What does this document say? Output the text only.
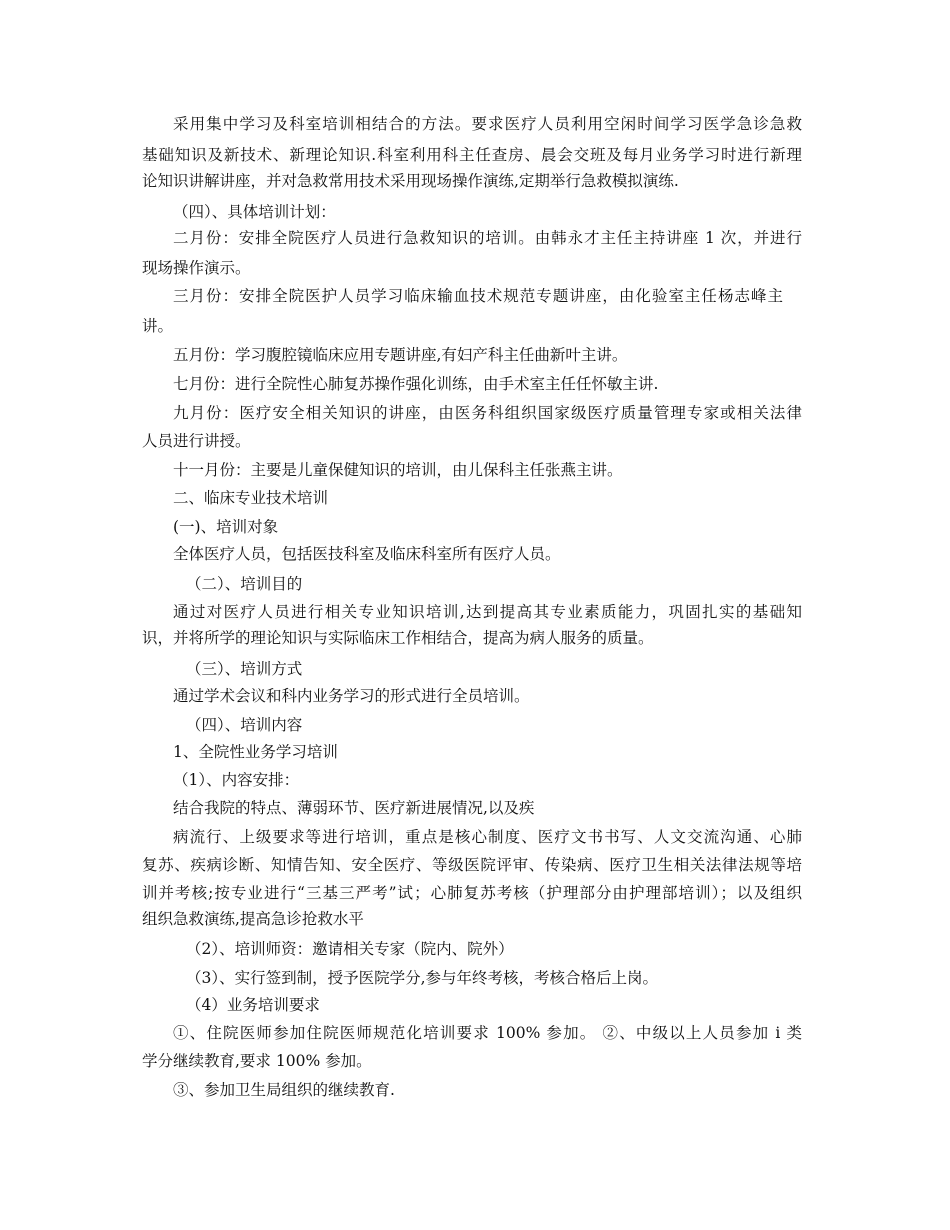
采用集中学习及科室培训相结合的方法。要求医疗人员利用空闲时间学习医学急诊急救
基础知识及新技术、新理论知识.科室利用科主任查房、晨会交班及每月业务学习时进行新理
论知识讲解讲座，并对急救常用技术采用现场操作演练,定期举行急救模拟演练.
（四）、具体培训计划：
二月份：安排全院医疗人员进行急救知识的培训。由韩永才主任主持讲座 1 次，并进行
现场操作演示。
三月份：安排全院医护人员学习临床输血技术规范专题讲座，由化验室主任杨志峰主
讲。
五月份：学习腹腔镜临床应用专题讲座,有妇产科主任曲新叶主讲。
七月份：进行全院性心肺复苏操作强化训练，由手术室主任任怀敏主讲.
九月份：医疗安全相关知识的讲座，由医务科组织国家级医疗质量管理专家或相关法律
人员进行讲授。
十一月份：主要是儿童保健知识的培训，由儿保科主任张燕主讲。
二、临床专业技术培训
(一)、培训对象
全体医疗人员，包括医技科室及临床科室所有医疗人员。
（二）、培训目的
通过对医疗人员进行相关专业知识培训,达到提高其专业素质能力，巩固扎实的基础知
识，并将所学的理论知识与实际临床工作相结合，提高为病人服务的质量。
（三）、培训方式
通过学术会议和科内业务学习的形式进行全员培训。
（四）、培训内容
1、全院性业务学习培训
（1）、内容安排：
结合我院的特点、薄弱环节、医疗新进展情况,以及疾
病流行、上级要求等进行培训，重点是核心制度、医疗文书书写、人文交流沟通、心肺
复苏、疾病诊断、知情告知、安全医疗、等级医院评审、传染病、医疗卫生相关法律法规等培
训并考核;按专业进行“三基三严考”试；心肺复苏考核（护理部分由护理部培训）；以及组织
组织急救演练,提高急诊抢救水平
（2）、培训师资：邀请相关专家（院内、院外）
（3）、实行签到制，授予医院学分,参与年终考核，考核合格后上岗。
（4）业务培训要求
①、住院医师参加住院医师规范化培训要求 100% 参加。 ②、中级以上人员参加 i 类
学分继续教育,要求 100% 参加。
③、参加卫生局组织的继续教育.
